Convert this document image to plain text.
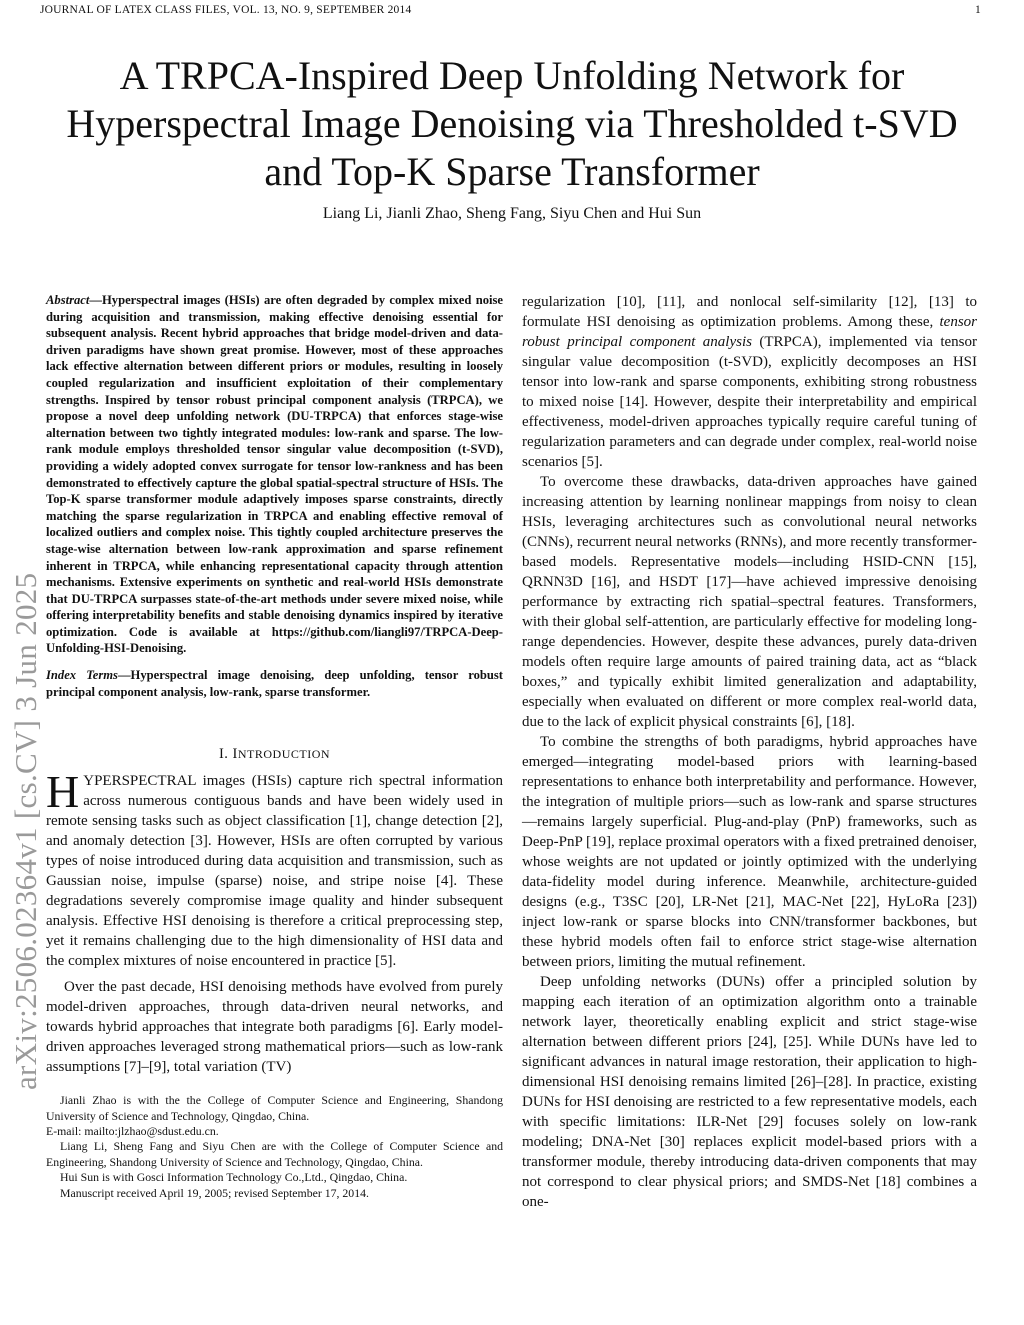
JOURNAL OF LATEX CLASS FILES, VOL. 13, NO. 9, SEPTEMBER 2014	1
A TRPCA-Inspired Deep Unfolding Network for Hyperspectral Image Denoising via Thresholded t-SVD and Top-K Sparse Transformer
Liang Li, Jianli Zhao, Sheng Fang, Siyu Chen and Hui Sun
arXiv:2506.02364v1 [cs.CV] 3 Jun 2025

Abstract—Hyperspectral images (HSIs) are often degraded by complex mixed noise during acquisition and transmission, making effective denoising essential for subsequent analysis. Recent hybrid approaches that bridge model-driven and data-driven paradigms have shown great promise. However, most of these approaches lack effective alternation between different priors or modules, resulting in loosely coupled regularization and insufficient exploitation of their complementary strengths. Inspired by tensor robust principal component analysis (TRPCA), we propose a novel deep unfolding network (DU-TRPCA) that enforces stage-wise alternation between two tightly integrated modules: low-rank and sparse. The low-rank module employs thresholded tensor singular value decomposition (t-SVD), providing a widely adopted convex surrogate for tensor low-rankness and has been demonstrated to effectively capture the global spatial-spectral structure of HSIs. The Top-K sparse transformer module adaptively imposes sparse constraints, directly matching the sparse regularization in TRPCA and enabling effective removal of localized outliers and complex noise. This tightly coupled architecture preserves the stage-wise alternation between low-rank approximation and sparse refinement inherent in TRPCA, while enhancing representational capacity through attention mechanisms. Extensive experiments on synthetic and real-world HSIs demonstrate that DU-TRPCA surpasses state-of-the-art methods under severe mixed noise, while offering interpretability benefits and stable denoising dynamics inspired by iterative optimization. Code is available at https://github.com/liangli97/TRPCA-Deep-Unfolding-HSI-Denoising.

Index Terms—Hyperspectral image denoising, deep unfolding, tensor robust principal component analysis, low-rank, sparse transformer.

I. INTRODUCTION

HYPERSPECTRAL images (HSIs) capture rich spectral information across numerous contiguous bands and have been widely used in remote sensing tasks such as object classification [1], change detection [2], and anomaly detection [3]. However, HSIs are often corrupted by various types of noise introduced during data acquisition and transmission, such as Gaussian noise, impulse (sparse) noise, and stripe noise [4]. These degradations severely compromise image quality and hinder subsequent analysis. Effective HSI denoising is therefore a critical preprocessing step, yet it remains challenging due to the high dimensionality of HSI data and the complex mixtures of noise encountered in practice [5].

Over the past decade, HSI denoising methods have evolved from purely model-driven approaches, through data-driven neural networks, and towards hybrid approaches that integrate both paradigms [6]. Early model-driven approaches leveraged strong mathematical priors—such as low-rank assumptions [7]–[9], total variation (TV)

Jianli Zhao is with the the College of Computer Science and Engineering, Shandong University of Science and Technology, Qingdao, China.

E-mail: mailto:jlzhao@sdust.edu.cn.

Liang Li, Sheng Fang and Siyu Chen are with the College of Computer Science and Engineering, Shandong University of Science and Technology, Qingdao, China.

Hui Sun is with Gosci Information Technology Co.,Ltd., Qingdao, China.

Manuscript received April 19, 2005; revised September 17, 2014.

regularization [10], [11], and nonlocal self-similarity [12], [13] to formulate HSI denoising as optimization problems. Among these, tensor robust principal component analysis (TRPCA), implemented via tensor singular value decomposition (t-SVD), explicitly decomposes an HSI tensor into low-rank and sparse components, exhibiting strong robustness to mixed noise [14]. However, despite their interpretability and empirical effectiveness, model-driven approaches typically require careful tuning of regularization parameters and can degrade under complex, real-world noise scenarios [5].

To overcome these drawbacks, data-driven approaches have gained increasing attention by learning nonlinear mappings from noisy to clean HSIs, leveraging architectures such as convolutional neural networks (CNNs), recurrent neural networks (RNNs), and more recently transformer-based models. Representative models—including HSID-CNN [15], QRNN3D [16], and HSDT [17]—have achieved impressive denoising performance by extracting rich spatial–spectral features. Transformers, with their global self-attention, are particularly effective for modeling long-range dependencies. However, despite these advances, purely data-driven models often require large amounts of paired training data, act as “black boxes,” and typically exhibit limited generalization and adaptability, especially when evaluated on different or more complex real-world data, due to the lack of explicit physical constraints [6], [18].

To combine the strengths of both paradigms, hybrid approaches have emerged—integrating model-based priors with learning-based representations to enhance both interpretability and performance. However, the integration of multiple priors—such as low-rank and sparse structures—remains largely superficial. Plug-and-play (PnP) frameworks, such as Deep-PnP [19], replace proximal operators with a fixed pretrained denoiser, whose weights are not updated or jointly optimized with the underlying data-fidelity model during inference. Meanwhile, architecture-guided designs (e.g., T3SC [20], LR-Net [21], MAC-Net [22], HyLoRa [23]) inject low-rank or sparse blocks into CNN/transformer backbones, but these hybrid models often fail to enforce strict stage-wise alternation between priors, limiting the mutual refinement.

Deep unfolding networks (DUNs) offer a principled solution by mapping each iteration of an optimization algorithm onto a trainable network layer, theoretically enabling explicit and strict stage-wise alternation between different priors [24], [25]. While DUNs have led to significant advances in natural image restoration, their application to high-dimensional HSI denoising remains limited [26]–[28]. In practice, existing DUNs for HSI denoising are restricted to a few representative models, each with specific limitations: ILR-Net [29] focuses solely on low-rank modeling; DNA-Net [30] replaces explicit model-based priors with a transformer module, thereby introducing data-driven components that may not correspond to clear physical priors; and SMDS-Net [18] combines a one-
